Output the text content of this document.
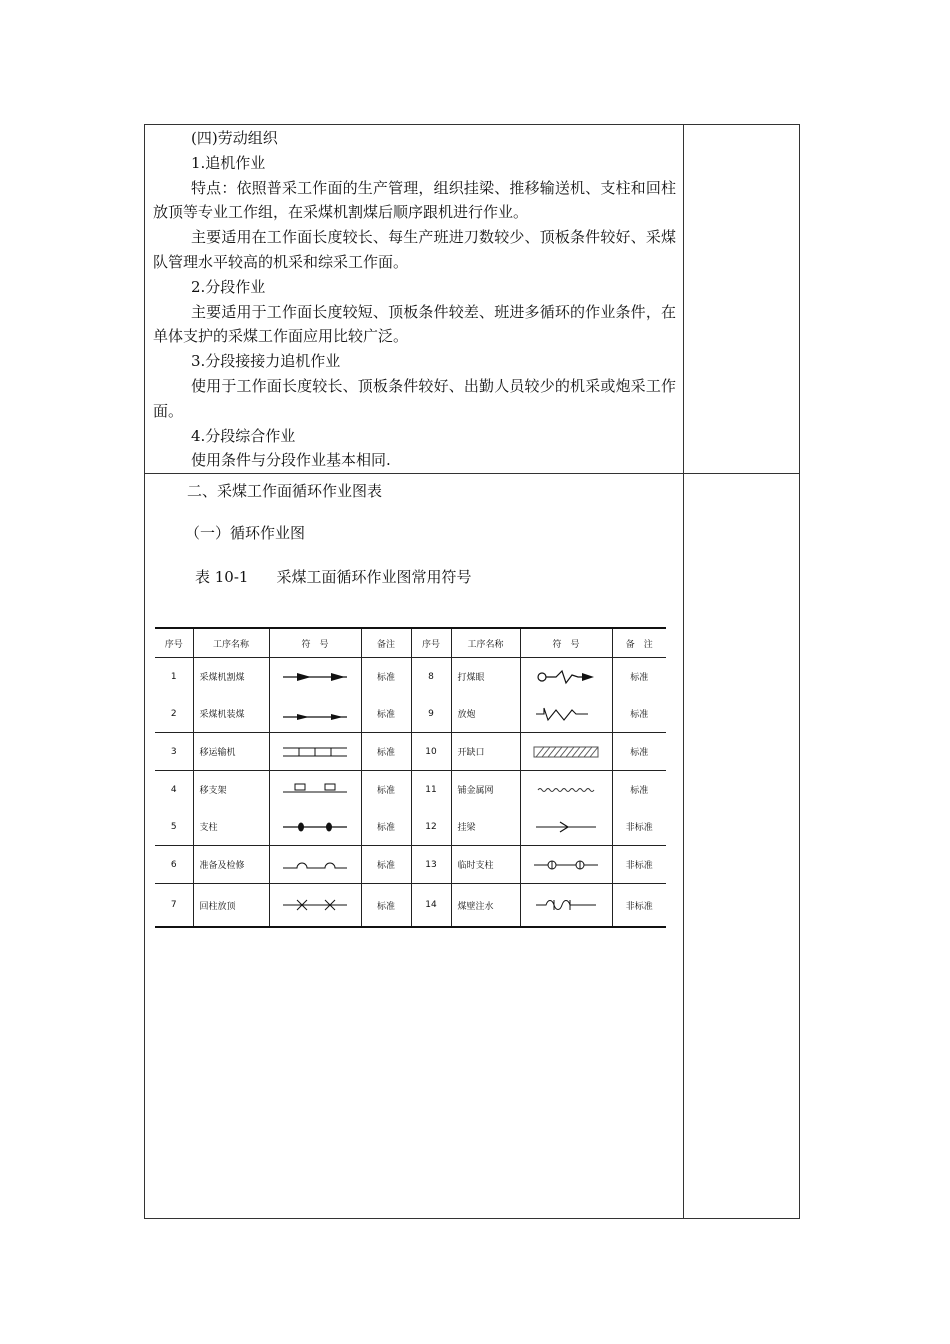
(四)劳动组织

1.追机作业

特点：依照普采工作面的生产管理，组织挂梁、推移输送机、支柱和回柱放顶等专业工作组，在采煤机割煤后顺序跟机进行作业。

主要适用在工作面长度较长、每生产班进刀数较少、顶板条件较好、采煤队管理水平较高的机采和综采工作面。

2.分段作业

主要适用于工作面长度较短、顶板条件较差、班进多循环的作业条件，在单体支护的采煤工作面应用比较广泛。

3.分段接接力追机作业

使用于工作面长度较长、顶板条件较好、出勤人员较少的机采或炮采工作面。

4.分段综合作业

使用条件与分段作业基本相同.

二、采煤工作面循环作业图表
（一）循环作业图
表 10-1 采煤工面循环作业图常用符号
序号	工序名称	符　号	备注	序号	工序名称	符　号	备　注
1	采煤机割煤		标准	8	打煤眼		标准
2	采煤机装煤		标准	9	放炮		标准
3	移运输机		标准	10	开缺口		标准
4	移支架		标准	11	铺金属网		标准
5	支柱		标准	12	挂梁		非标准
6	准备及检修		标准	13	临时支柱		非标准
7	回柱放顶		标准	14	煤壁注水		非标准
